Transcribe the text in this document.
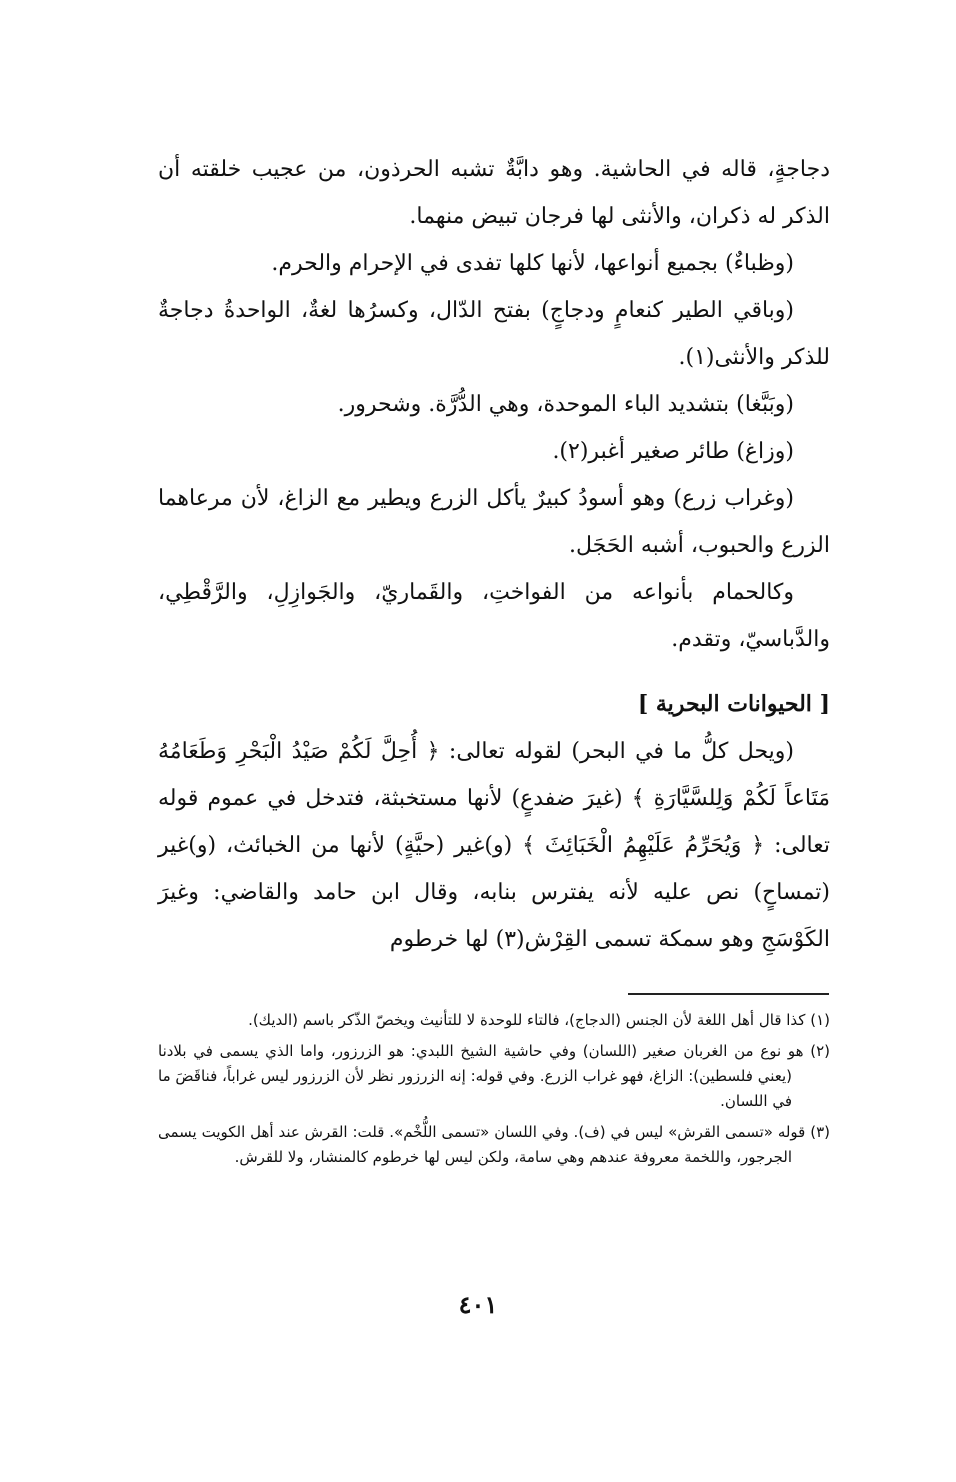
دجاجةٍ، قاله في الحاشية. وهو دابَّةٌ تشبه الحرذون، من عجيب خلقته أن الذكر له ذكران، والأنثى لها فرجان تبيض منهما.

(وظباءٌ) بجميع أنواعها، لأنها كلها تفدى في الإحرام والحرم.

(وباقي الطير كنعامٍ ودجاجٍ) بفتح الدّال، وكسرُها لغةٌ، الواحدةُ دجاجةٌ للذكر والأنثى(١).

(وبَبَّغا) بتشديد الباء الموحدة، وهي الدُّرَّة. وشحرور.

(وزاغ) طائر صغير أغبر(٢).

(وغراب زرع) وهو أسودُ كبيرٌ يأكل الزرع ويطير مع الزاغ، لأن مرعاهما الزرع والحبوب، أشبه الحَجَل.

وكالحمام بأنواعه من الفواختِ، والقَماريّ، والجَوازِلِ، والرَّقْطِي، والدَّباسيّ، وتقدم.

[ الحيوانات البحرية ]

(ويحل كلُّ ما في البحر) لقوله تعالى: ﴿ أُحِلَّ لَكُمْ صَيْدُ الْبَحْرِ وَطَعَامُهُ مَتَاعاً لَكُمْ وَلِلسَّيَّارَةِ ﴾ (غيرَ ضفدعٍ) لأنها مستخبثة، فتدخل في عموم قوله تعالى: ﴿ وَيُحَرِّمُ عَلَيْهِمُ الْخَبَائِثَ ﴾ (و)غير (حيَّةٍ) لأنها من الخبائث، (و)غير (تمساحٍ) نص عليه لأنه يفترس بنابه، وقال ابن حامد والقاضي: وغيرَ الكَوْسَجِ وهو سمكة تسمى القِرْش(٣) لها خرطوم

(١) كذا قال أهل اللغة لأن الجنس (الدجاج)، فالتاء للوحدة لا للتأنيث ويخصّ الذّكر باسم (الديك).

(٢) هو نوع من الغربان صغير (اللسان) وفي حاشية الشيخ اللبدي: هو الزرزور، واما الذي يسمى في بلادنا (يعني فلسطين): الزاغ، فهو غراب الزرع. وفي قوله: إنه الزرزور نظر لأن الزرزور ليس غراباً، فناقَضَ ما في اللسان.

(٣) قوله «تسمى القرش» ليس في (ف). وفي اللسان «تسمى اللُّخْم». قلت: القرش عند أهل الكويت يسمى الجرجور، واللخمة معروفة عندهم وهي سامة، ولكن ليس لها خرطوم كالمنشار، ولا للقرش.

٤٠١
